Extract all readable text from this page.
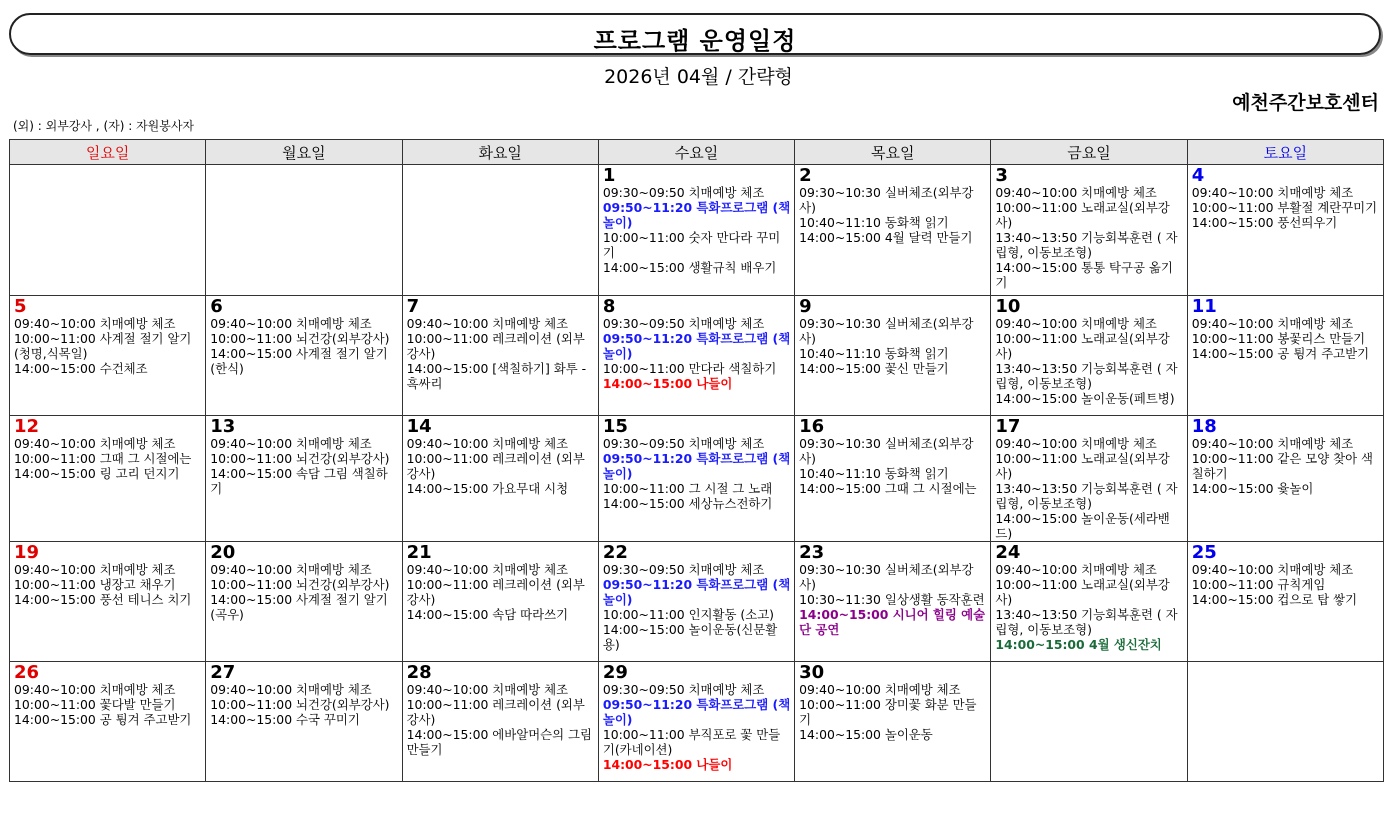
프로그램 운영일정
2026년 04월 / 간략형
예천주간보호센터
(외) : 외부강사 , (자) : 자원봉사자
일요일	월요일	화요일	수요일	목요일	금요일	토요일

			1
09:30~09:50 치매예방 체조
09:50~11:20 특화프로그램 (책놀이)
10:00~11:00 숫자 만다라 꾸미기
14:00~15:00 생활규칙 배우기	2
09:30~10:30 실버체조(외부강사)
10:40~11:10 동화책 읽기
14:00~15:00 4월 달력 만들기	3
09:40~10:00 치매예방 체조
10:00~11:00 노래교실(외부강사)
13:40~13:50 기능회복훈련 ( 자립형, 이동보조형)
14:00~15:00 통통 탁구공 옮기기	4
09:40~10:00 치매예방 체조
10:00~11:00 부활절 계란꾸미기
14:00~15:00 풍선띄우기

5
09:40~10:00 치매예방 체조
10:00~11:00 사계절 절기 알기(청명,식목일)
14:00~15:00 수건체조	6
09:40~10:00 치매예방 체조
10:00~11:00 뇌건강(외부강사)
14:00~15:00 사계절 절기 알기(한식)	7
09:40~10:00 치매예방 체조
10:00~11:00 레크레이션 (외부강사)
14:00~15:00 [색칠하기] 화투 - 흑싸리	8
09:30~09:50 치매예방 체조
09:50~11:20 특화프로그램 (책놀이)
10:00~11:00 만다라 색칠하기
14:00~15:00 나들이	9
09:30~10:30 실버체조(외부강사)
10:40~11:10 동화책 읽기
14:00~15:00 꽃신 만들기	10
09:40~10:00 치매예방 체조
10:00~11:00 노래교실(외부강사)
13:40~13:50 기능회복훈련 ( 자립형, 이동보조형)
14:00~15:00 놀이운동(페트병)	11
09:40~10:00 치매예방 체조
10:00~11:00 봉꽃리스 만들기
14:00~15:00 공 튕겨 주고받기

12
09:40~10:00 치매예방 체조
10:00~11:00 그때 그 시절에는
14:00~15:00 링 고리 던지기	13
09:40~10:00 치매예방 체조
10:00~11:00 뇌건강(외부강사)
14:00~15:00 속담 그림 색칠하기	14
09:40~10:00 치매예방 체조
10:00~11:00 레크레이션 (외부강사)
14:00~15:00 가요무대 시청	15
09:30~09:50 치매예방 체조
09:50~11:20 특화프로그램 (책놀이)
10:00~11:00 그 시절 그 노래
14:00~15:00 세상뉴스전하기	16
09:30~10:30 실버체조(외부강사)
10:40~11:10 동화책 읽기
14:00~15:00 그때 그 시절에는	17
09:40~10:00 치매예방 체조
10:00~11:00 노래교실(외부강사)
13:40~13:50 기능회복훈련 ( 자립형, 이동보조형)
14:00~15:00 놀이운동(세라밴드)	18
09:40~10:00 치매예방 체조
10:00~11:00 같은 모양 찾아 색칠하기
14:00~15:00 윷놀이

19
09:40~10:00 치매예방 체조
10:00~11:00 냉장고 채우기
14:00~15:00 풍선 테니스 치기	20
09:40~10:00 치매예방 체조
10:00~11:00 뇌건강(외부강사)
14:00~15:00 사계절 절기 알기(곡우)	21
09:40~10:00 치매예방 체조
10:00~11:00 레크레이션 (외부강사)
14:00~15:00 속담 따라쓰기	22
09:30~09:50 치매예방 체조
09:50~11:20 특화프로그램 (책놀이)
10:00~11:00 인지활동 (소고)
14:00~15:00 놀이운동(신문활용)	23
09:30~10:30 실버체조(외부강사)
10:30~11:30 일상생활 동작훈련
14:00~15:00 시니어 힐링 예술단 공연	24
09:40~10:00 치매예방 체조
10:00~11:00 노래교실(외부강사)
13:40~13:50 기능회복훈련 ( 자립형, 이동보조형)
14:00~15:00 4월 생신잔치	25
09:40~10:00 치매예방 체조
10:00~11:00 규칙게임
14:00~15:00 컵으로 탑 쌓기

26
09:40~10:00 치매예방 체조
10:00~11:00 꽃다발 만들기
14:00~15:00 공 튕겨 주고받기	27
09:40~10:00 치매예방 체조
10:00~11:00 뇌건강(외부강사)
14:00~15:00 수국 꾸미기	28
09:40~10:00 치매예방 체조
10:00~11:00 레크레이션 (외부강사)
14:00~15:00 에바알머슨의 그림 만들기	29
09:30~09:50 치매예방 체조
09:50~11:20 특화프로그램 (책놀이)
10:00~11:00 부직포로 꽃 만들기(카네이션)
14:00~15:00 나들이	30
09:40~10:00 치매예방 체조
10:00~11:00 장미꽃 화분 만들기
14:00~15:00 놀이운동		
